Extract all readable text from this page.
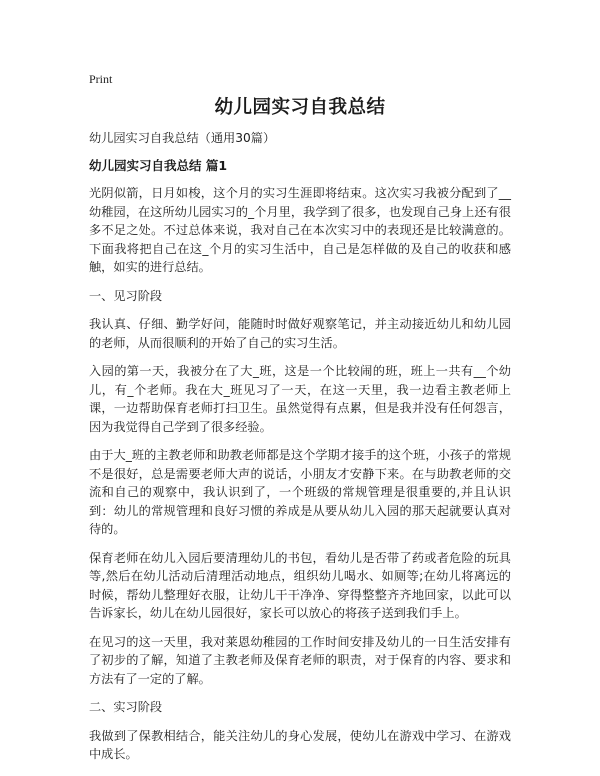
Print
幼儿园实习自我总结
幼儿园实习自我总结（通用30篇）
幼儿园实习自我总结 篇1

光阴似箭，日月如梭，这个月的实习生涯即将结束。这次实习我被分配到了__幼稚园，在这所幼儿园实习的_个月里，我学到了很多，也发现自己身上还有很多不足之处。不过总体来说，我对自己在本次实习中的表现还是比较满意的。下面我将把自己在这_个月的实习生活中，自己是怎样做的及自己的收获和感触，如实的进行总结。

一、见习阶段

我认真、仔细、勤学好问，能随时时做好观察笔记，并主动接近幼儿和幼儿园的老师，从而很顺利的开始了自己的实习生活。

入园的第一天，我被分在了大_班，这是一个比较闹的班，班上一共有__个幼儿，有_个老师。我在大_班见习了一天，在这一天里，我一边看主教老师上课，一边帮助保育老师打扫卫生。虽然觉得有点累，但是我并没有任何怨言，因为我觉得自己学到了很多经验。

由于大_班的主教老师和助教老师都是这个学期才接手的这个班，小孩子的常规不是很好，总是需要老师大声的说话，小朋友才安静下来。在与助教老师的交流和自己的观察中，我认识到了，一个班级的常规管理是很重要的,并且认识到：幼儿的常规管理和良好习惯的养成是从要从幼儿入园的那天起就要认真对待的。

保育老师在幼儿入园后要清理幼儿的书包，看幼儿是否带了药或者危险的玩具等,然后在幼儿活动后清理活动地点，组织幼儿喝水、如厕等;在幼儿将离远的时候，帮幼儿整理好衣服，让幼儿干干净净、穿得整整齐齐地回家，以此可以告诉家长，幼儿在幼儿园很好，家长可以放心的将孩子送到我们手上。

在见习的这一天里，我对莱恩幼稚园的工作时间安排及幼儿的一日生活安排有了初步的了解，知道了主教老师及保育老师的职责，对于保育的内容、要求和方法有了一定的了解。

二、实习阶段

我做到了保教相结合，能关注幼儿的身心发展，使幼儿在游戏中学习、在游戏中成长。
